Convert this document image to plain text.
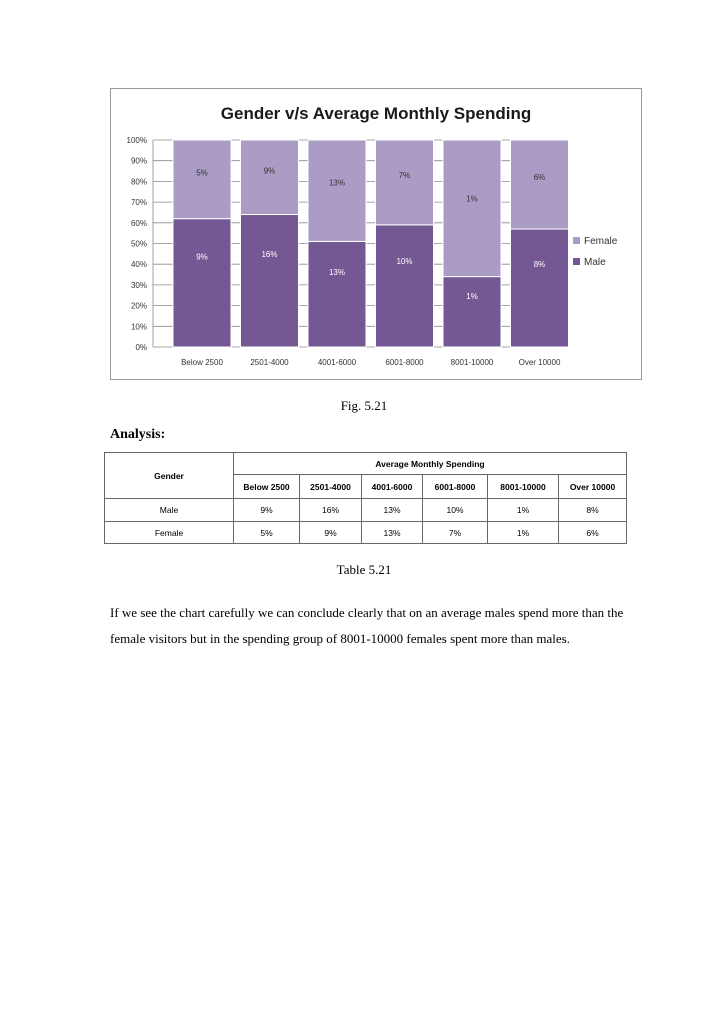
Gender v/s Average Monthly Spending
0%
10%
20%
30%
40%
50%
60%
70%
80%
90%
100%
9%
5%
Below 2500
16%
9%
2501-4000
13%
13%
4001-6000
10%
7%
6001-8000
1%
1%
8001-10000
8%
6%
Over 10000
Female
Male
Fig. 5.21
Analysis:
Gender	Average Monthly Spending					
	Below 2500	2501-4000	4001-6000	6001-8000	8001-10000	Over 10000
Male	9%	16%	13%	10%	1%	8%
Female	5%	9%	13%	7%	1%	6%
Table 5.21
If we see the chart carefully we can conclude clearly that on an average males spend more than the female visitors but in the spending group of 8001-10000 females spent more than males.
